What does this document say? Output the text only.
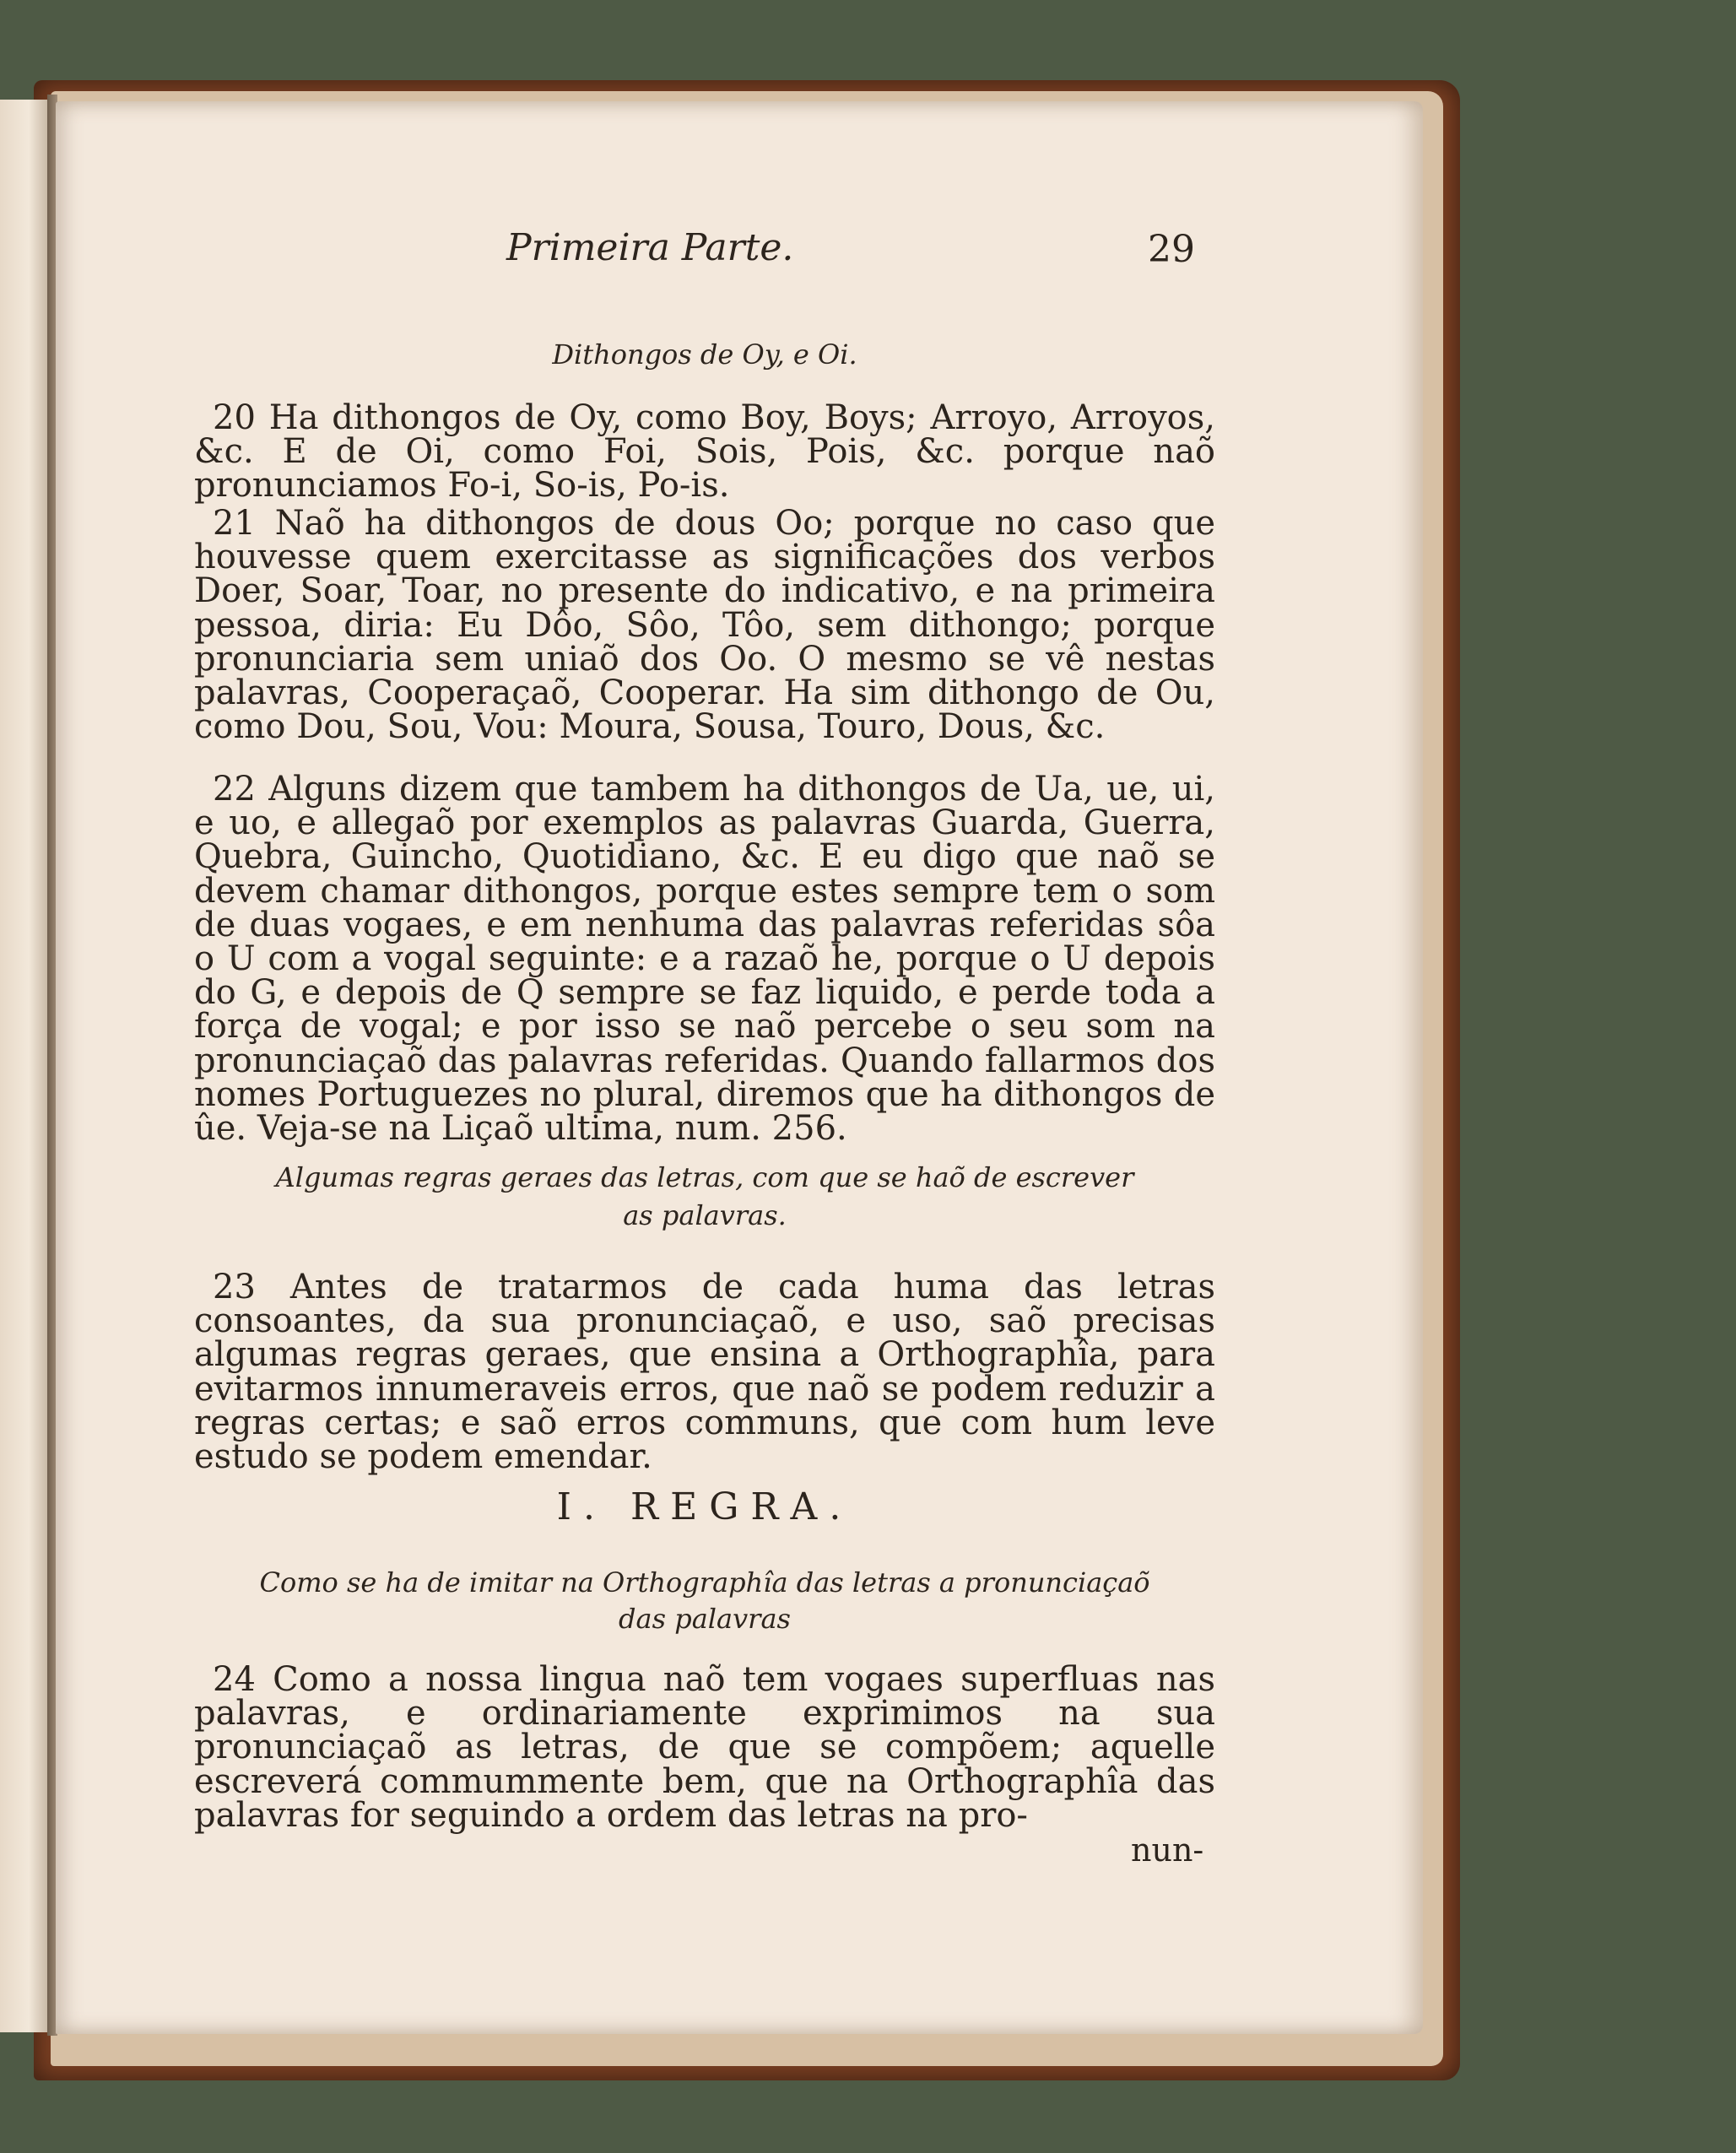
Primeira Parte.	29
Dithongos de Oy, e Oi.

20 Ha dithongos de Oy, como Boy, Boys; Arroyo, Arroyos, &c. E de Oi, como Foi, Sois, Pois, &c. porque naõ pronunciamos Fo-i, So-is, Po-is.

21 Naõ ha dithongos de dous Oo; porque no caso que houvesse quem exercitasse as significações dos verbos Doer, Soar, Toar, no presente do indicativo, e na primeira pessoa, diria: Eu Dôo, Sôo, Tôo, sem dithongo; porque pronunciaria sem uniaõ dos Oo. O mesmo se vê nestas palavras, Cooperaçaõ, Cooperar. Ha sim dithongo de Ou, como Dou, Sou, Vou: Moura, Sousa, Touro, Dous, &c.

22 Alguns dizem que tambem ha dithongos de Ua, ue, ui, e uo, e allegaõ por exemplos as palavras Guarda, Guerra, Quebra, Guincho, Quotidiano, &c. E eu digo que naõ se devem chamar dithongos, porque estes sempre tem o som de duas vogaes, e em nenhuma das palavras referidas sôa o U com a vogal seguinte: e a razaõ he, porque o U depois do G, e depois de Q sempre se faz liquido, e perde toda a força de vogal; e por isso se naõ percebe o seu som na pronunciaçaõ das palavras referidas. Quando fallarmos dos nomes Portuguezes no plural, diremos que ha dithongos de ûe. Veja-se na Liçaõ ultima, num. 256.

Algumas regras geraes das letras, com que se haõ de escrever
as palavras.

23 Antes de tratarmos de cada huma das letras consoantes, da sua pronunciaçaõ, e uso, saõ precisas algumas regras geraes, que ensina a Orthographîa, para evitarmos innumeraveis erros, que naõ se podem reduzir a regras certas; e saõ erros communs, que com hum leve estudo se podem emendar.

I. REGRA.
Como se ha de imitar na Orthographîa das letras a pronunciaçaõ
das palavras

24 Como a nossa lingua naõ tem vogaes superfluas nas palavras, e ordinariamente exprimimos na sua pronunciaçaõ as letras, de que se compõem; aquelle escreverá commummente bem, que na Orthographîa das palavras for seguindo a ordem das letras na pro-

nun-
